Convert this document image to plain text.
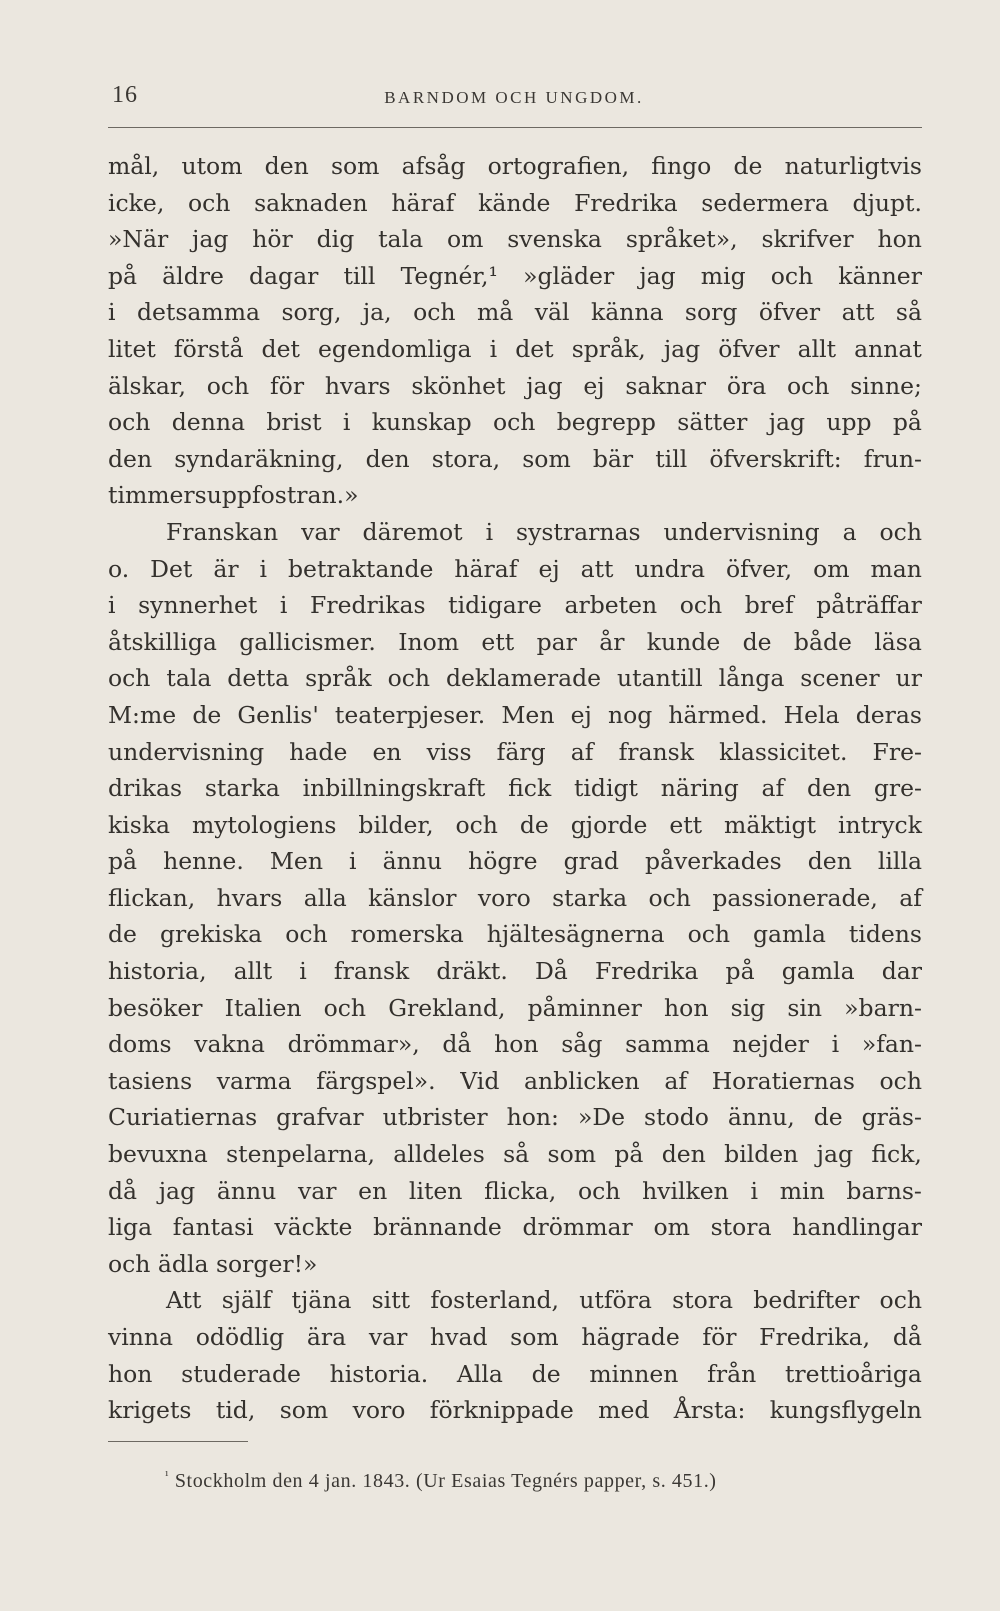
16	BARNDOM OCH UNGDOM.
mål, utom den som afsåg ortografien, fingo de naturligtvis
icke, och saknaden häraf kände Fredrika sedermera djupt.
»När jag hör dig tala om svenska språket», skrifver hon
på äldre dagar till Tegnér,¹ »gläder jag mig och känner
i detsamma sorg, ja, och må väl känna sorg öfver att så
litet förstå det egendomliga i det språk, jag öfver allt annat
älskar, och för hvars skönhet jag ej saknar öra och sinne;
och denna brist i kunskap och begrepp sätter jag upp på
den syndaräkning, den stora, som bär till öfverskrift: frun-
timmersuppfostran.»
Franskan var däremot i systrarnas undervisning a och
o. Det är i betraktande häraf ej att undra öfver, om man
i synnerhet i Fredrikas tidigare arbeten och bref påträffar
åtskilliga gallicismer. Inom ett par år kunde de både läsa
och tala detta språk och deklamerade utantill långa scener ur
M:me de Genlis' teaterpjeser. Men ej nog härmed. Hela deras
undervisning hade en viss färg af fransk klassicitet. Fre-
drikas starka inbillningskraft fick tidigt näring af den gre-
kiska mytologiens bilder, och de gjorde ett mäktigt intryck
på henne. Men i ännu högre grad påverkades den lilla
flickan, hvars alla känslor voro starka och passionerade, af
de grekiska och romerska hjältesägnerna och gamla tidens
historia, allt i fransk dräkt. Då Fredrika på gamla dar
besöker Italien och Grekland, påminner hon sig sin »barn-
doms vakna drömmar», då hon såg samma nejder i »fan-
tasiens varma färgspel». Vid anblicken af Horatiernas och
Curiatiernas grafvar utbrister hon: »De stodo ännu, de gräs-
bevuxna stenpelarna, alldeles så som på den bilden jag fick,
då jag ännu var en liten flicka, och hvilken i min barns-
liga fantasi väckte brännande drömmar om stora handlingar
och ädla sorger!»
Att själf tjäna sitt fosterland, utföra stora bedrifter och
vinna odödlig ära var hvad som hägrade för Fredrika, då
hon studerade historia. Alla de minnen från trettioåriga
krigets tid, som voro förknippade med Årsta: kungsflygeln
$^{^1}$ Stockholm den 4 jan. 1843. (Ur Esaias Tegnérs papper, s. 451.)
